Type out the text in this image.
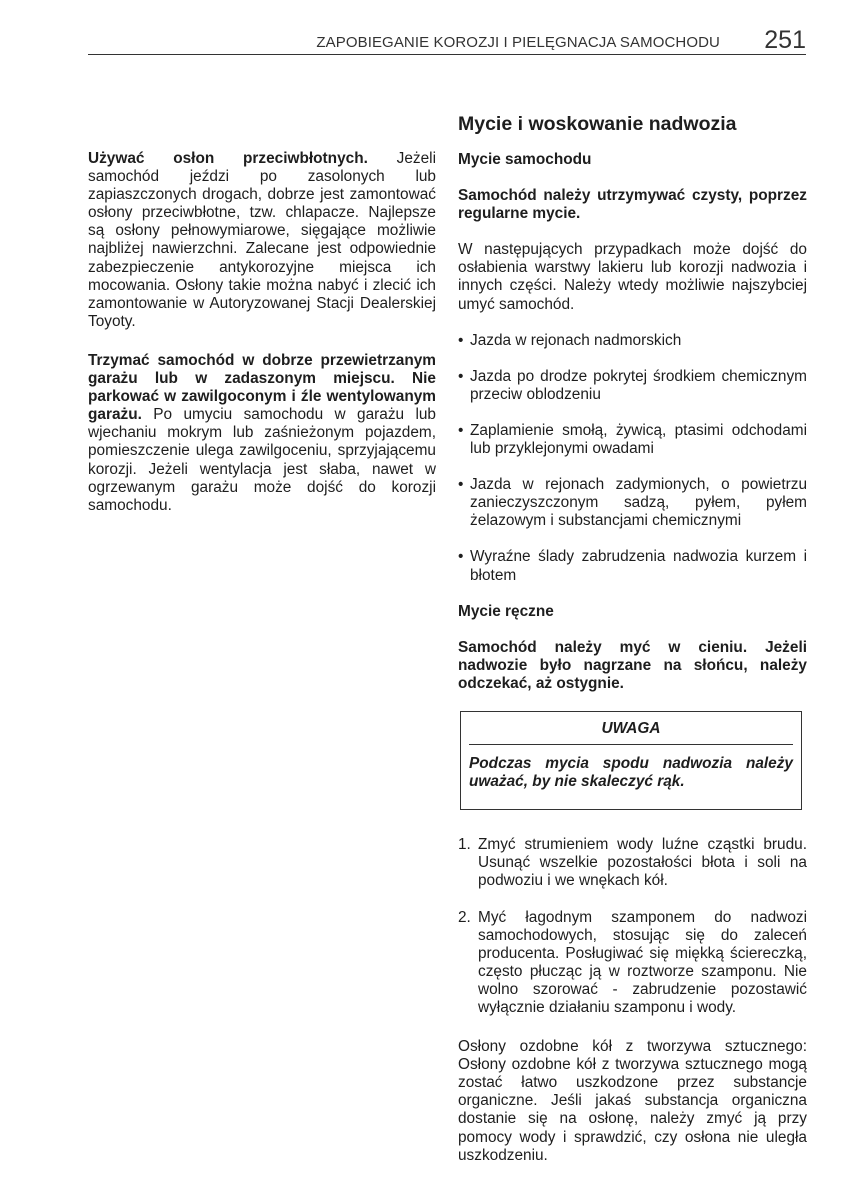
ZAPOBIEGANIE KOROZJI I PIELĘGNACJA SAMOCHODU 251

Używać osłon przeciwbłotnych. Jeżeli samochód jeździ po zasolonych lub zapiaszczonych drogach, dobrze jest zamontować osłony przeciwbłotne, tzw. chlapacze. Najlepsze są osłony pełnowymiarowe, sięgające możliwie najbliżej nawierzchni. Zalecane jest odpowiednie zabezpieczenie antykorozyjne miejsca ich mocowania. Osłony takie można nabyć i zlecić ich zamontowanie w Autoryzowanej Stacji Dealerskiej Toyoty.

Trzymać samochód w dobrze przewietrzanym garażu lub w zadaszonym miejscu. Nie parkować w zawilgoconym i źle wentylowanym garażu. Po umyciu samochodu w garażu lub wjechaniu mokrym lub zaśnieżonym pojazdem, pomieszczenie ulega zawilgoceniu, sprzyjającemu korozji. Jeżeli wentylacja jest słaba, nawet w ogrzewanym garażu może dojść do korozji samochodu.

Mycie i woskowanie nadwozia

Mycie samochodu

Samochód należy utrzymywać czysty, poprzez regularne mycie.

W następujących przypadkach może dojść do osłabienia warstwy lakieru lub korozji nadwozia i innych części. Należy wtedy możliwie najszybciej umyć samochód.

• Jazda w rejonach nadmorskich
• Jazda po drodze pokrytej środkiem chemicznym przeciw oblodzeniu
• Zaplamienie smołą, żywicą, ptasimi odchodami lub przyklejonymi owadami
• Jazda w rejonach zadymionych, o powietrzu zanieczyszczonym sadzą, pyłem, pyłem żelazowym i substancjami chemicznymi
• Wyraźne ślady zabrudzenia nadwozia kurzem i błotem

Mycie ręczne

Samochód należy myć w cieniu. Jeżeli nadwozie było nagrzane na słońcu, należy odczekać, aż ostygnie.

UWAGA
Podczas mycia spodu nadwozia należy uważać, by nie skaleczyć rąk.
1. Zmyć strumieniem wody luźne cząstki brudu. Usunąć wszelkie pozostałości błota i soli na podwoziu i we wnękach kół.
2. Myć łagodnym szamponem do nadwozi samochodowych, stosując się do zaleceń producenta. Posługiwać się miękką ściereczką, często płucząc ją w roztworze szamponu. Nie wolno szorować - zabrudzenie pozostawić wyłącznie działaniu szamponu i wody.

Osłony ozdobne kół z tworzywa sztucznego: Osłony ozdobne kół z tworzywa sztucznego mogą zostać łatwo uszkodzone przez substancje organiczne. Jeśli jakaś substancja organiczna dostanie się na osłonę, należy zmyć ją przy pomocy wody i sprawdzić, czy osłona nie uległa uszkodzeniu.
